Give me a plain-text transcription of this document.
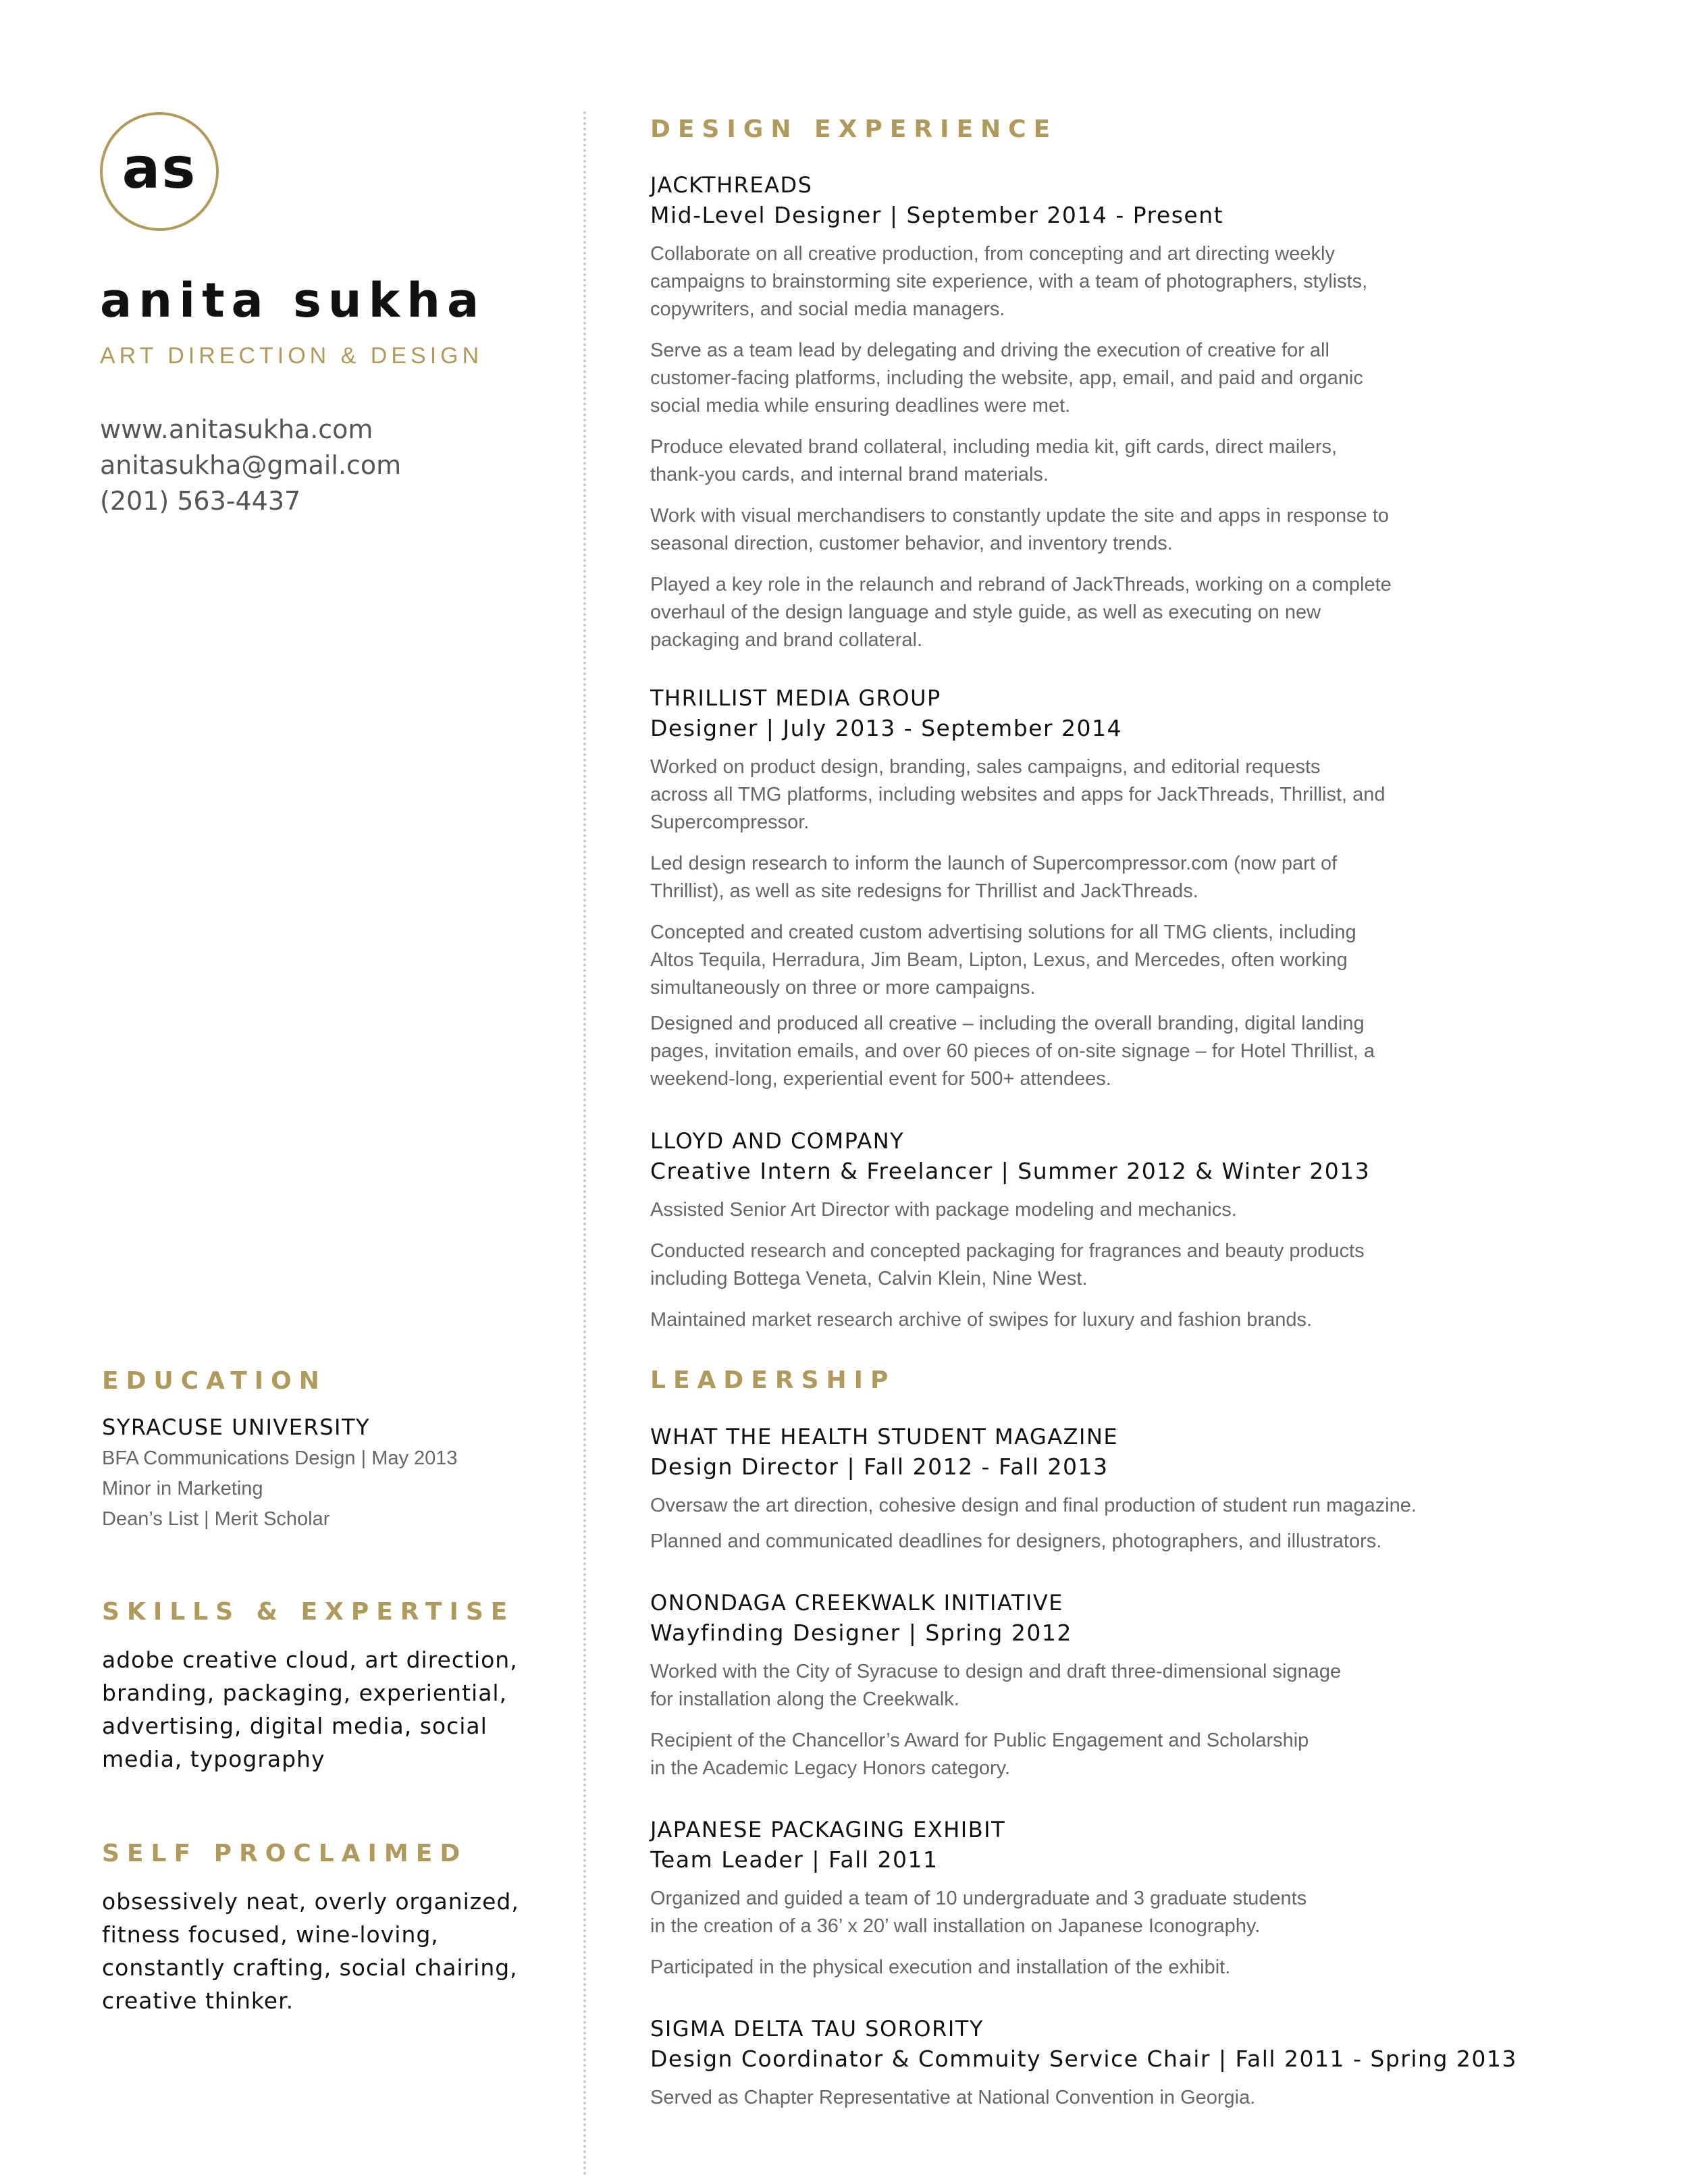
as
anita sukha

ART DIRECTION & DESIGN

www.anitasukha.com
anitasukha@gmail.com
(201) 563-4437
EDUCATION
SYRACUSE UNIVERSITY
BFA Communications Design | May 2013
Minor in Marketing
Dean’s List | Merit Scholar
SKILLS & EXPERTISE

adobe creative cloud, art direction, branding, packaging, experiential, advertising, digital media, social media, typography

SELF PROCLAIMED

obsessively neat, overly organized, fitness focused, wine-loving, constantly crafting, social chairing, creative thinker.

DESIGN EXPERIENCE
JACKTHREADS
Mid-Level Designer | September 2014 - Present

Collaborate on all creative production, from concepting and art directing weekly
campaigns to brainstorming site experience, with a team of photographers, stylists,
copywriters, and social media managers.

Serve as a team lead by delegating and driving the execution of creative for all
customer-facing platforms, including the website, app, email, and paid and organic
social media while ensuring deadlines were met.

Produce elevated brand collateral, including media kit, gift cards, direct mailers,
thank-you cards, and internal brand materials.

Work with visual merchandisers to constantly update the site and apps in response to
seasonal direction, customer behavior, and inventory trends.

Played a key role in the relaunch and rebrand of JackThreads, working on a complete
overhaul of the design language and style guide, as well as executing on new
packaging and brand collateral.

THRILLIST MEDIA GROUP
Designer | July 2013 - September 2014

Worked on product design, branding, sales campaigns, and editorial requests
across all TMG platforms, including websites and apps for JackThreads, Thrillist, and
Supercompressor.

Led design research to inform the launch of Supercompressor.com (now part of
Thrillist), as well as site redesigns for Thrillist and JackThreads.

Concepted and created custom advertising solutions for all TMG clients, including
Altos Tequila, Herradura, Jim Beam, Lipton, Lexus, and Mercedes, often working
simultaneously on three or more campaigns.

Designed and produced all creative – including the overall branding, digital landing
pages, invitation emails, and over 60 pieces of on-site signage – for Hotel Thrillist, a
weekend-long, experiential event for 500+ attendees.

LLOYD AND COMPANY
Creative Intern & Freelancer | Summer 2012 & Winter 2013

Assisted Senior Art Director with package modeling and mechanics.

Conducted research and concepted packaging for fragrances and beauty products
including Bottega Veneta, Calvin Klein, Nine West.

Maintained market research archive of swipes for luxury and fashion brands.

LEADERSHIP
WHAT THE HEALTH STUDENT MAGAZINE
Design Director | Fall 2012 - Fall 2013

Oversaw the art direction, cohesive design and final production of student run magazine.

Planned and communicated deadlines for designers, photographers, and illustrators.

ONONDAGA CREEKWALK INITIATIVE
Wayfinding Designer | Spring 2012

Worked with the City of Syracuse to design and draft three-dimensional signage
for installation along the Creekwalk.

Recipient of the Chancellor’s Award for Public Engagement and Scholarship
in the Academic Legacy Honors category.

JAPANESE PACKAGING EXHIBIT
Team Leader | Fall 2011

Organized and guided a team of 10 undergraduate and 3 graduate students
in the creation of a 36’ x 20’ wall installation on Japanese Iconography.

Participated in the physical execution and installation of the exhibit.

SIGMA DELTA TAU SORORITY
Design Coordinator & Commuity Service Chair | Fall 2011 - Spring 2013

Served as Chapter Representative at National Convention in Georgia.
